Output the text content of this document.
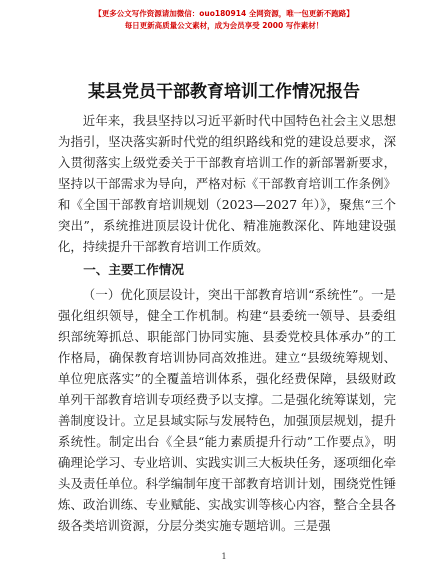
【更多公文写作资源请加微信：ouo180914 全网资源，唯一包更新不跑路】
每日更新高质量公文素材，成为会员享受 2000 写作素材！
某县党员干部教育培训工作情况报告

近年来，我县坚持以习近平新时代中国特色社会主义思想为指引，坚决落实新时代党的组织路线和党的建设总要求，深入贯彻落实上级党委关于干部教育培训工作的新部署新要求，坚持以干部需求为导向，严格对标《干部教育培训工作条例》和《全国干部教育培训规划（2023—2027 年）》，聚焦“三个突出”，系统推进顶层设计优化、精准施教深化、阵地建设强化，持续提升干部教育培训工作质效。

一、主要工作情况

（一）优化顶层设计，突出干部教育培训“系统性”。一是强化组织领导，健全工作机制。构建“县委统一领导、县委组织部统筹抓总、职能部门协同实施、县委党校具体承办”的工作格局，确保教育培训协同高效推进。建立“县级统筹规划、单位兜底落实”的全覆盖培训体系，强化经费保障，县级财政单列干部教育培训专项经费予以支撑。二是强化统筹谋划，完善制度设计。立足县域实际与发展特色，加强顶层规划，提升系统性。制定出台《全县“能力素质提升行动”工作要点》，明确理论学习、专业培训、实践实训三大板块任务，逐项细化牵头及责任单位。科学编制年度干部教育培训计划，围绕党性锤炼、政治训练、专业赋能、实战实训等核心内容，整合全县各级各类培训资源，分层分类实施专题培训。三是强

1
